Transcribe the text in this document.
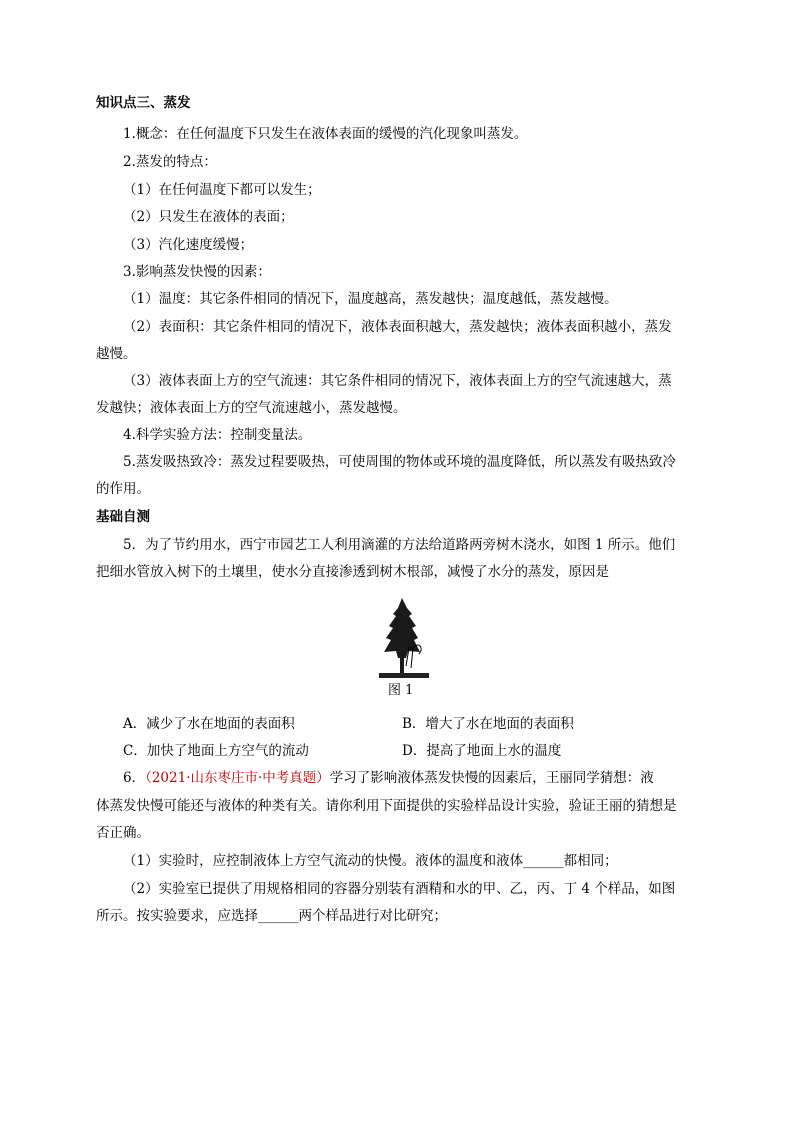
知识点三、蒸发
1.概念：在任何温度下只发生在液体表面的缓慢的汽化现象叫蒸发。
2.蒸发的特点：
（1）在任何温度下都可以发生；
（2）只发生在液体的表面；
（3）汽化速度缓慢；
3.影响蒸发快慢的因素：
（1）温度：其它条件相同的情况下，温度越高，蒸发越快；温度越低，蒸发越慢。
（2）表面积：其它条件相同的情况下，液体表面积越大，蒸发越快；液体表面积越小，蒸发
越慢。
（3）液体表面上方的空气流速：其它条件相同的情况下，液体表面上方的空气流速越大，蒸
发越快；液体表面上方的空气流速越小，蒸发越慢。
4.科学实验方法：控制变量法。
5.蒸发吸热致冷：蒸发过程要吸热，可使周围的物体或环境的温度降低，所以蒸发有吸热致冷
的作用。
基础自测
5．为了节约用水，西宁市园艺工人利用滴灌的方法给道路两旁树木浇水，如图 1 所示。他们
把细水管放入树下的土壤里，使水分直接渗透到树木根部，减慢了水分的蒸发，原因是
图 1
A．减少了水在地面的表面积	B．增大了水在地面的表面积
C．加快了地面上方空气的流动	D．提高了地面上水的温度
6．（2021·山东枣庄市·中考真题）学习了影响液体蒸发快慢的因素后，王丽同学猜想：液
体蒸发快慢可能还与液体的种类有关。请你利用下面提供的实验样品设计实验，验证王丽的猜想是
否正确。
（1）实验时，应控制液体上方空气流动的快慢。液体的温度和液体______都相同；
（2）实验室已提供了用规格相同的容器分别装有酒精和水的甲、乙，丙、丁 4 个样品，如图
所示。按实验要求，应选择______两个样品进行对比研究；
